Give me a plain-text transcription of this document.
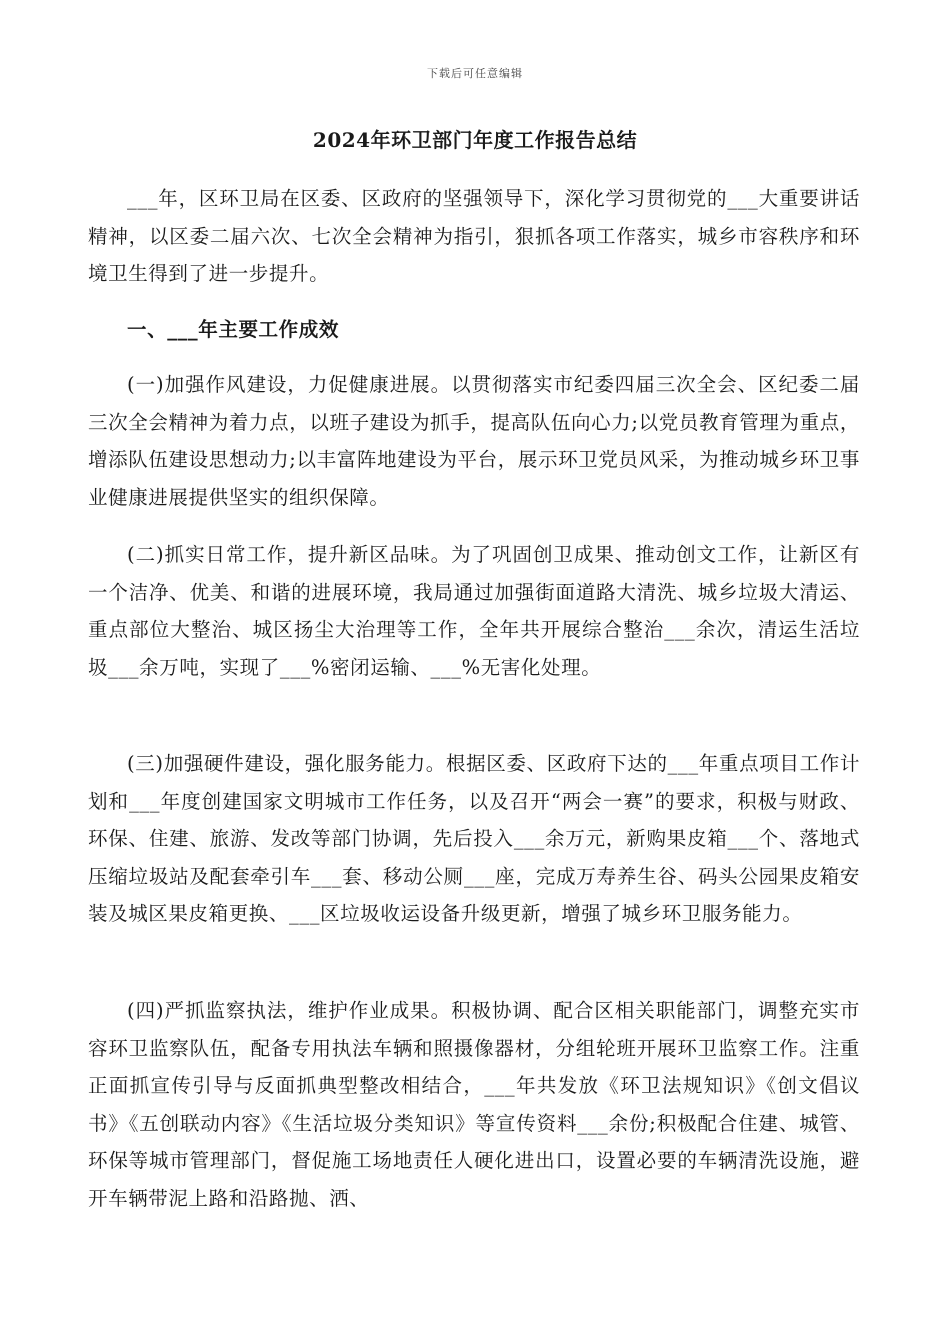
下载后可任意编辑
2024年环卫部门年度工作报告总结

___年，区环卫局在区委、区政府的坚强领导下，深化学习贯彻党的___大重要讲话精神，以区委二届六次、七次全会精神为指引，狠抓各项工作落实，城乡市容秩序和环境卫生得到了进一步提升。

一、___年主要工作成效

(一)加强作风建设，力促健康进展。以贯彻落实市纪委四届三次全会、区纪委二届三次全会精神为着力点，以班子建设为抓手，提高队伍向心力;以党员教育管理为重点，增添队伍建设思想动力;以丰富阵地建设为平台，展示环卫党员风采，为推动城乡环卫事业健康进展提供坚实的组织保障。

(二)抓实日常工作，提升新区品味。为了巩固创卫成果、推动创文工作，让新区有一个洁净、优美、和谐的进展环境，我局通过加强街面道路大清洗、城乡垃圾大清运、重点部位大整治、城区扬尘大治理等工作，全年共开展综合整治___余次，清运生活垃圾___余万吨，实现了___%密闭运输、___%无害化处理。

(三)加强硬件建设，强化服务能力。根据区委、区政府下达的___年重点项目工作计划和___年度创建国家文明城市工作任务，以及召开“两会一赛”的要求，积极与财政、环保、住建、旅游、发改等部门协调，先后投入___余万元，新购果皮箱___个、落地式压缩垃圾站及配套牵引车___套、移动公厕___座，完成万寿养生谷、码头公园果皮箱安装及城区果皮箱更换、___区垃圾收运设备升级更新，增强了城乡环卫服务能力。

(四)严抓监察执法，维护作业成果。积极协调、配合区相关职能部门，调整充实市容环卫监察队伍，配备专用执法车辆和照摄像器材，分组轮班开展环卫监察工作。注重正面抓宣传引导与反面抓典型整改相结合，___年共发放《环卫法规知识》《创文倡议书》《五创联动内容》《生活垃圾分类知识》等宣传资料___余份;积极配合住建、城管、环保等城市管理部门，督促施工场地责任人硬化进出口，设置必要的车辆清洗设施，避开车辆带泥上路和沿路抛、洒、
